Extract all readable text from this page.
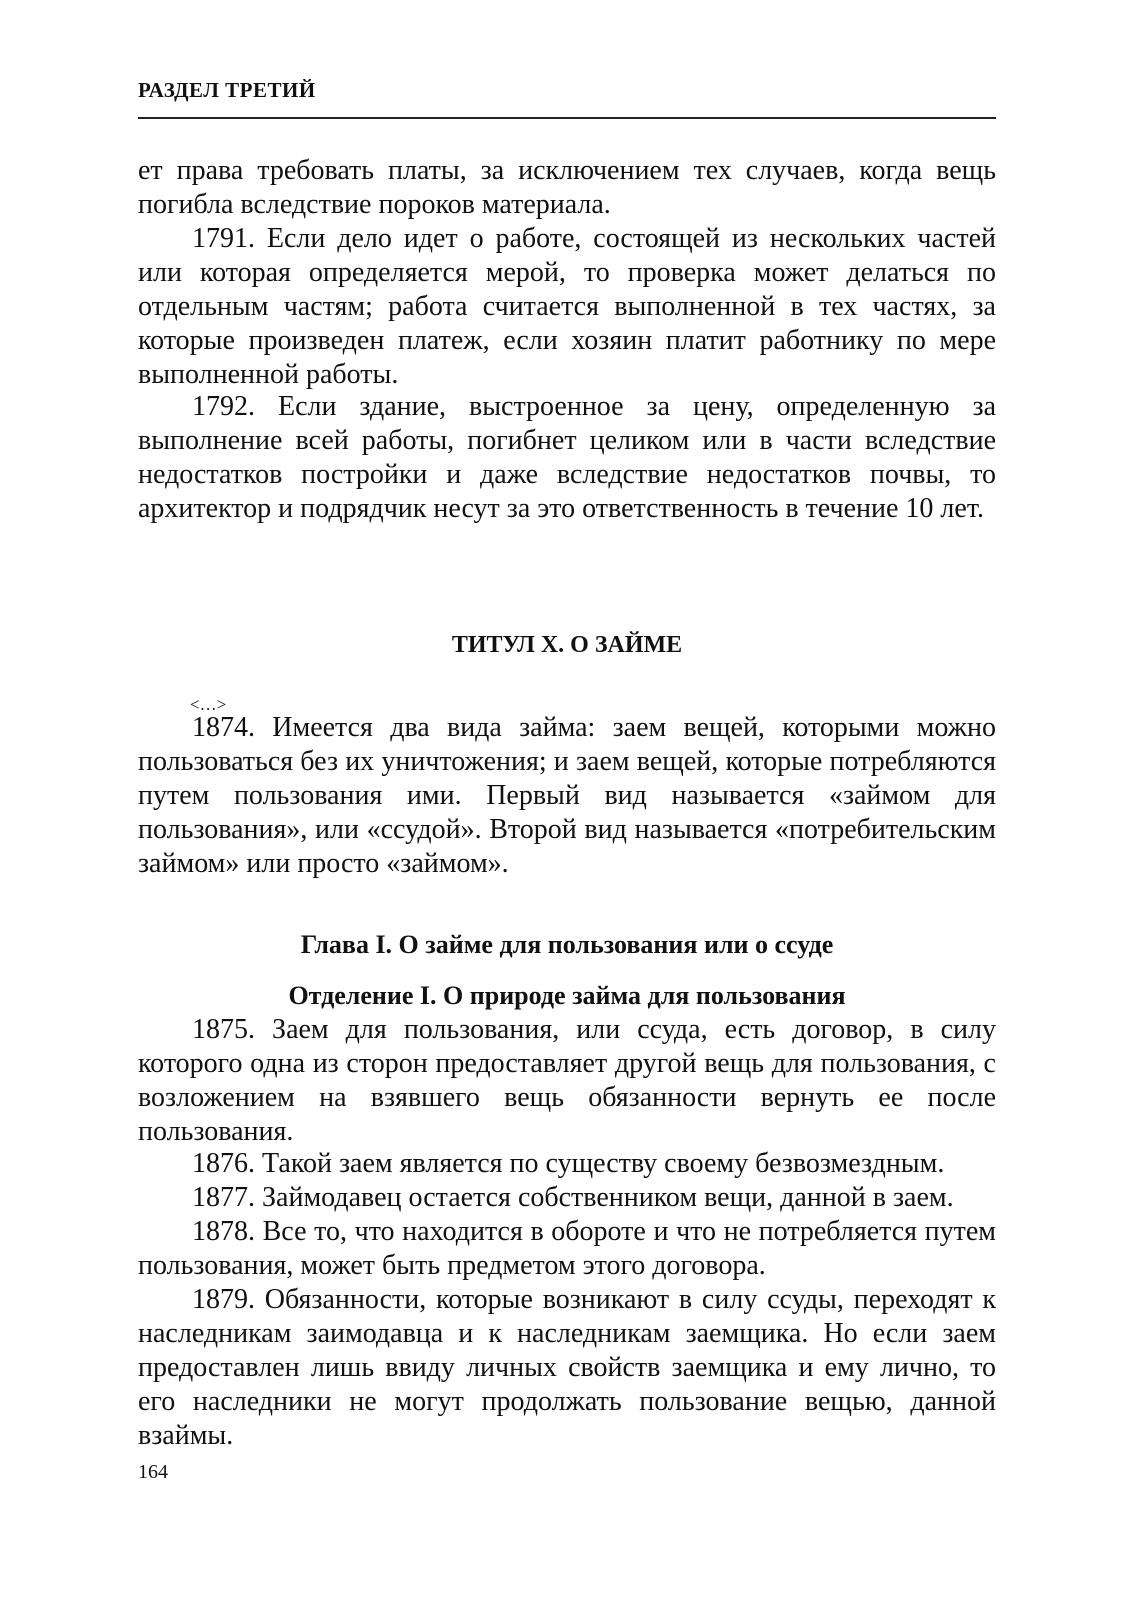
РАЗДЕЛ ТРЕТИЙ

ет права требовать платы, за исключением тех случаев, когда вещь погибла вследствие пороков материала.

1791. Если дело идет о работе, состоящей из нескольких частей или которая определяется мерой, то проверка может делаться по отдельным частям; работа считается выполненной в тех частях, за которые произведен платеж, если хозяин платит работнику по мере выполненной работы.

1792. Если здание, выстроенное за цену, определенную за выполнение всей работы, погибнет целиком или в части вследствие недостатков постройки и даже вследствие недостатков почвы, то архитектор и подрядчик несут за это ответственность в течение 10 лет.

ТИТУЛ X. О ЗАЙМЕ
<…>

1874. Имеется два вида займа: заем вещей, которыми можно пользоваться без их уничтожения; и заем вещей, которые потребляются путем пользования ими. Первый вид называется «займом для пользования», или «ссудой». Второй вид называется «потребительским займом» или просто «займом».

Глава I. О займе для пользования или о ссуде
Отделение I. О природе займа для пользования

1875. Заем для пользования, или ссуда, есть договор, в силу которого одна из сторон предоставляет другой вещь для пользования, с возложением на взявшего вещь обязанности вернуть ее после пользования.

1876. Такой заем является по существу своему безвозмездным.

1877. Займодавец остается собственником вещи, данной в заем.

1878. Все то, что находится в обороте и что не потребляется путем пользования, может быть предметом этого договора.

1879. Обязанности, которые возникают в силу ссуды, переходят к наследникам заимодавца и к наследникам заемщика. Но если заем предоставлен лишь ввиду личных свойств заемщика и ему лично, то его наследники не могут продолжать пользование вещью, данной взаймы.

164
